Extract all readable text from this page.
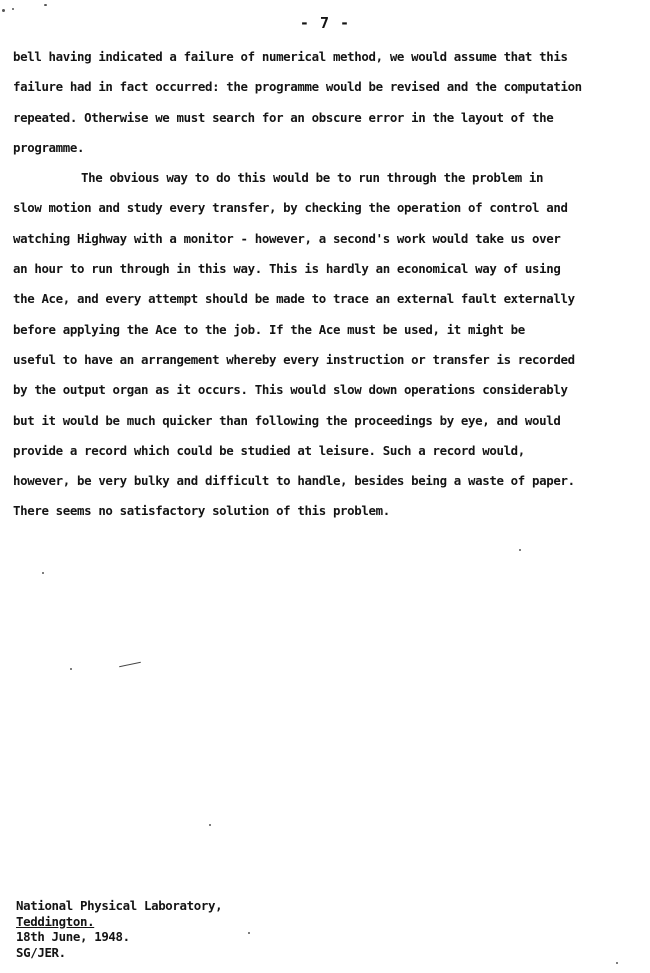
- 7 -
bell having indicated a failure of numerical method, we would assume that this
failure had in fact occurred: the programme would be revised and the computation
repeated. Otherwise we must search for an obscure error in the layout of the
programme.
The obvious way to do this would be to run through the problem in
slow motion and study every transfer, by checking the operation of control and
watching Highway with a monitor - however, a second's work would take us over
an hour to run through in this way. This is hardly an economical way of using
the Ace, and every attempt should be made to trace an external fault externally
before applying the Ace to the job. If the Ace must be used, it might be
useful to have an arrangement whereby every instruction or transfer is recorded
by the output organ as it occurs. This would slow down operations considerably
but it would be much quicker than following the proceedings by eye, and would
provide a record which could be studied at leisure. Such a record would,
however, be very bulky and difficult to handle, besides being a waste of paper.
There seems no satisfactory solution of this problem.
National Physical Laboratory,
Teddington.
18th June, 1948.
SG/JER.
